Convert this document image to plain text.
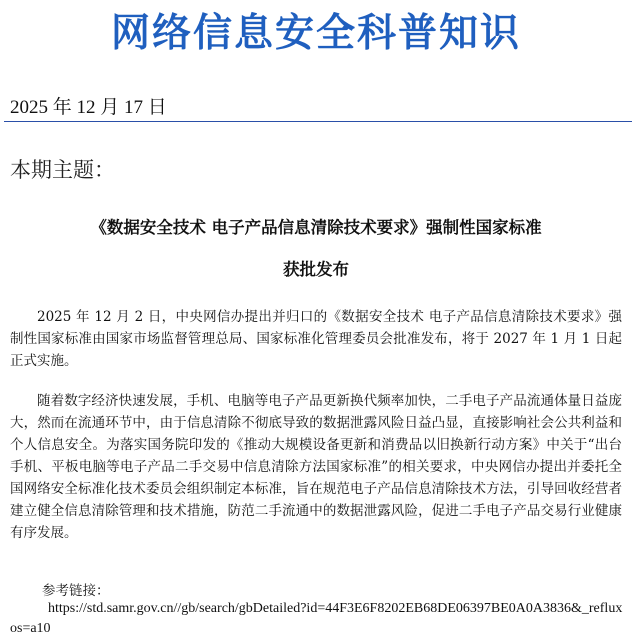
网络信息安全科普知识
2025 年 12 月 17 日
本期主题：
《数据安全技术 电子产品信息清除技术要求》强制性国家标准
获批发布

2025 年 12 月 2 日，中央网信办提出并归口的《数据安全技术 电子产品信息清除技术要求》强制性国家标准由国家市场监督管理总局、国家标准化管理委员会批准发布，将于 2027 年 1 月 1 日起正式实施。

随着数字经济快速发展，手机、电脑等电子产品更新换代频率加快，二手电子产品流通体量日益庞大，然而在流通环节中，由于信息清除不彻底导致的数据泄露风险日益凸显，直接影响社会公共利益和个人信息安全。为落实国务院印发的《推动大规模设备更新和消费品以旧换新行动方案》中关于“出台手机、平板电脑等电子产品二手交易中信息清除方法国家标准”的相关要求，中央网信办提出并委托全国网络安全标准化技术委员会组织制定本标准，旨在规范电子产品信息清除技术方法，引导回收经营者建立健全信息清除管理和技术措施，防范二手流通中的数据泄露风险，促进二手电子产品交易行业健康有序发展。

参考链接：
https://std.samr.gov.cn//gb/search/gbDetailed?id=44F3E6F8202EB68DE06397BE0A0A3836&_refluxos=a10
